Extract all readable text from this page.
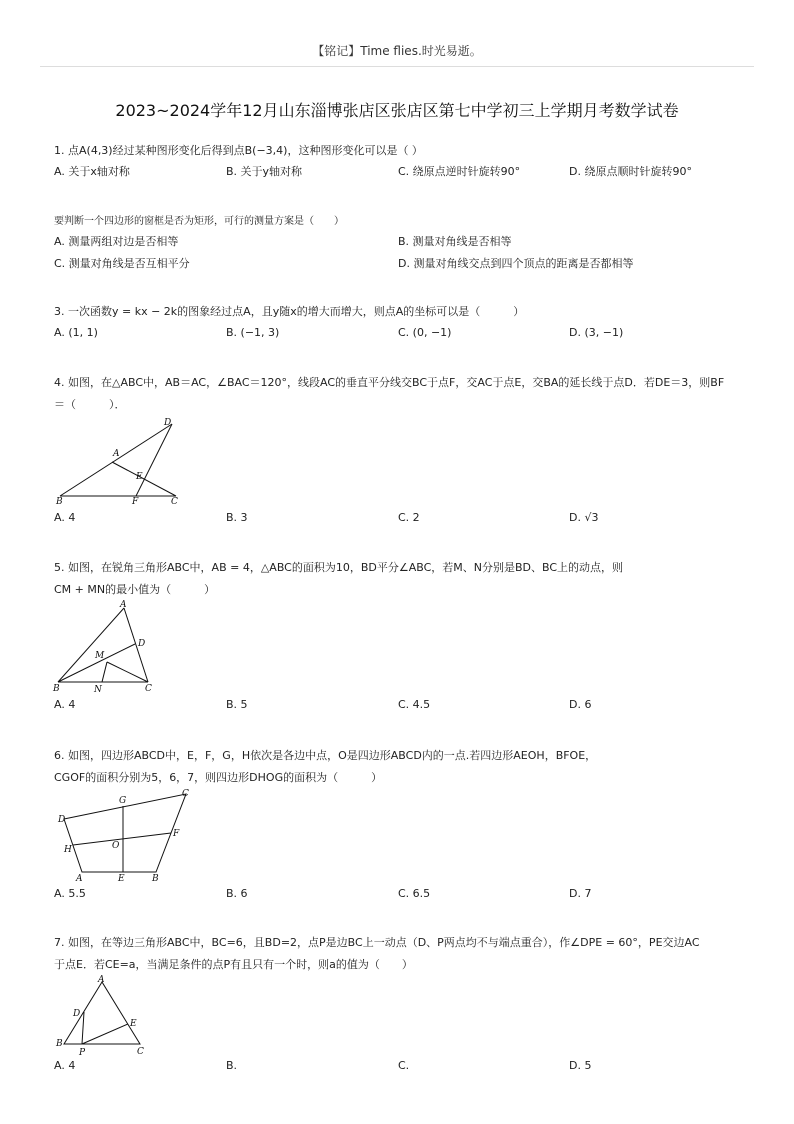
【铭记】Time flies.时光易逝。
2023~2024学年12月山东淄博张店区张店区第七中学初三上学期月考数学试卷
1. 点A(4,3)经过某种图形变化后得到点B(−3,4)，这种图形变化可以是（ ）
A. 关于x轴对称	B. 关于y轴对称	C. 绕原点逆时针旋转90°	D. 绕原点顺时针旋转90°
要判断一个四边形的窗框是否为矩形，可行的测量方案是（　　）
A. 测量两组对边是否相等	B. 测量对角线是否相等
C. 测量对角线是否互相平分	D. 测量对角线交点到四个顶点的距离是否都相等
3. 一次函数y = kx − 2k的图象经过点A，且y随x的增大而增大，则点A的坐标可以是（　　　）
A. (1, 1)	B. (−1, 3)	C. (0, −1)	D. (3, −1)
4. 如图，在△ABC中，AB＝AC，∠BAC＝120°，线段AC的垂直平分线交BC于点F，交AC于点E，交BA的延长线于点D．若DE＝3，则BF
＝（　　　）．
A
B	C
D
E
F
A. 4	B. 3	C. 2	D. √3
5. 如图，在锐角三角形ABC中，AB = 4，△ABC的面积为10，BD平分∠ABC，若M、N分别是BD、BC上的动点，则
CM + MN的最小值为（　　　）
A
B	C
D
M
N
A. 4	B. 5	C. 4.5	D. 6
6. 如图，四边形ABCD中，E，F，G，H依次是各边中点，O是四边形ABCD内的一点.若四边形AEOH，BFOE，
CGOF的面积分别为5，6，7，则四边形DHOG的面积为（　　　）
D
C
G
F
H	O
A	E	B
A. 5.5	B. 6	C. 6.5	D. 7
7. 如图，在等边三角形ABC中，BC=6，且BD=2，点P是边BC上一动点（D、P两点均不与端点重合），作∠DPE = 60°，PE交边AC
于点E．若CE=a，当满足条件的点P有且只有一个时，则a的值为（　　）
A
B
C
D
E
P
A. 4	B.	C.	D. 5
